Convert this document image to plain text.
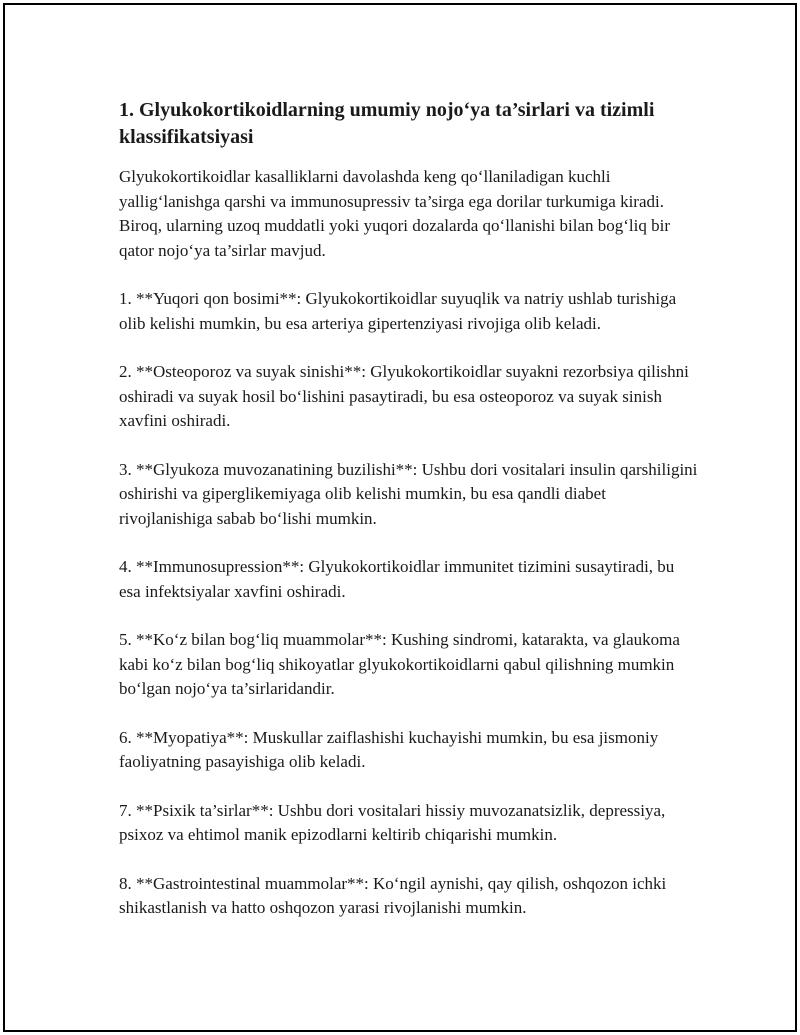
1. Glyukokortikoidlarning umumiy nojo‘ya ta’sirlari va tizimli klassifikatsiyasi

Glyukokortikoidlar kasalliklarni davolashda keng qo‘llaniladigan kuchli yallig‘lanishga qarshi va immunosupressiv ta’sirga ega dorilar turkumiga kiradi. Biroq, ularning uzoq muddatli yoki yuqori dozalarda qo‘llanishi bilan bog‘liq bir qator nojo‘ya ta’sirlar mavjud.

1. **Yuqori qon bosimi**: Glyukokortikoidlar suyuqlik va natriy ushlab turishiga olib kelishi mumkin, bu esa arteriya gipertenziyasi rivojiga olib keladi.

2. **Osteoporoz va suyak sinishi**: Glyukokortikoidlar suyakni rezorbsiya qilishni oshiradi va suyak hosil bo‘lishini pasaytiradi, bu esa osteoporoz va suyak sinish xavfini oshiradi.

3. **Glyukoza muvozanatining buzilishi**: Ushbu dori vositalari insulin qarshiligini oshirishi va giperglikemiyaga olib kelishi mumkin, bu esa qandli diabet rivojlanishiga sabab bo‘lishi mumkin.

4. **Immunosupression**: Glyukokortikoidlar immunitet tizimini susaytiradi, bu esa infektsiyalar xavfini oshiradi.

5. **Ko‘z bilan bog‘liq muammolar**: Kushing sindromi, katarakta, va glaukoma kabi ko‘z bilan bog‘liq shikoyatlar glyukokortikoidlarni qabul qilishning mumkin bo‘lgan nojo‘ya ta’sirlaridandir.

6. **Myopatiya**: Muskullar zaiflashishi kuchayishi mumkin, bu esa jismoniy faoliyatning pasayishiga olib keladi.

7. **Psixik ta’sirlar**: Ushbu dori vositalari hissiy muvozanatsizlik, depressiya, psixoz va ehtimol manik epizodlarni keltirib chiqarishi mumkin.

8. **Gastrointestinal muammolar**: Ko‘ngil aynishi, qay qilish, oshqozon ichki shikastlanish va hatto oshqozon yarasi rivojlanishi mumkin.
